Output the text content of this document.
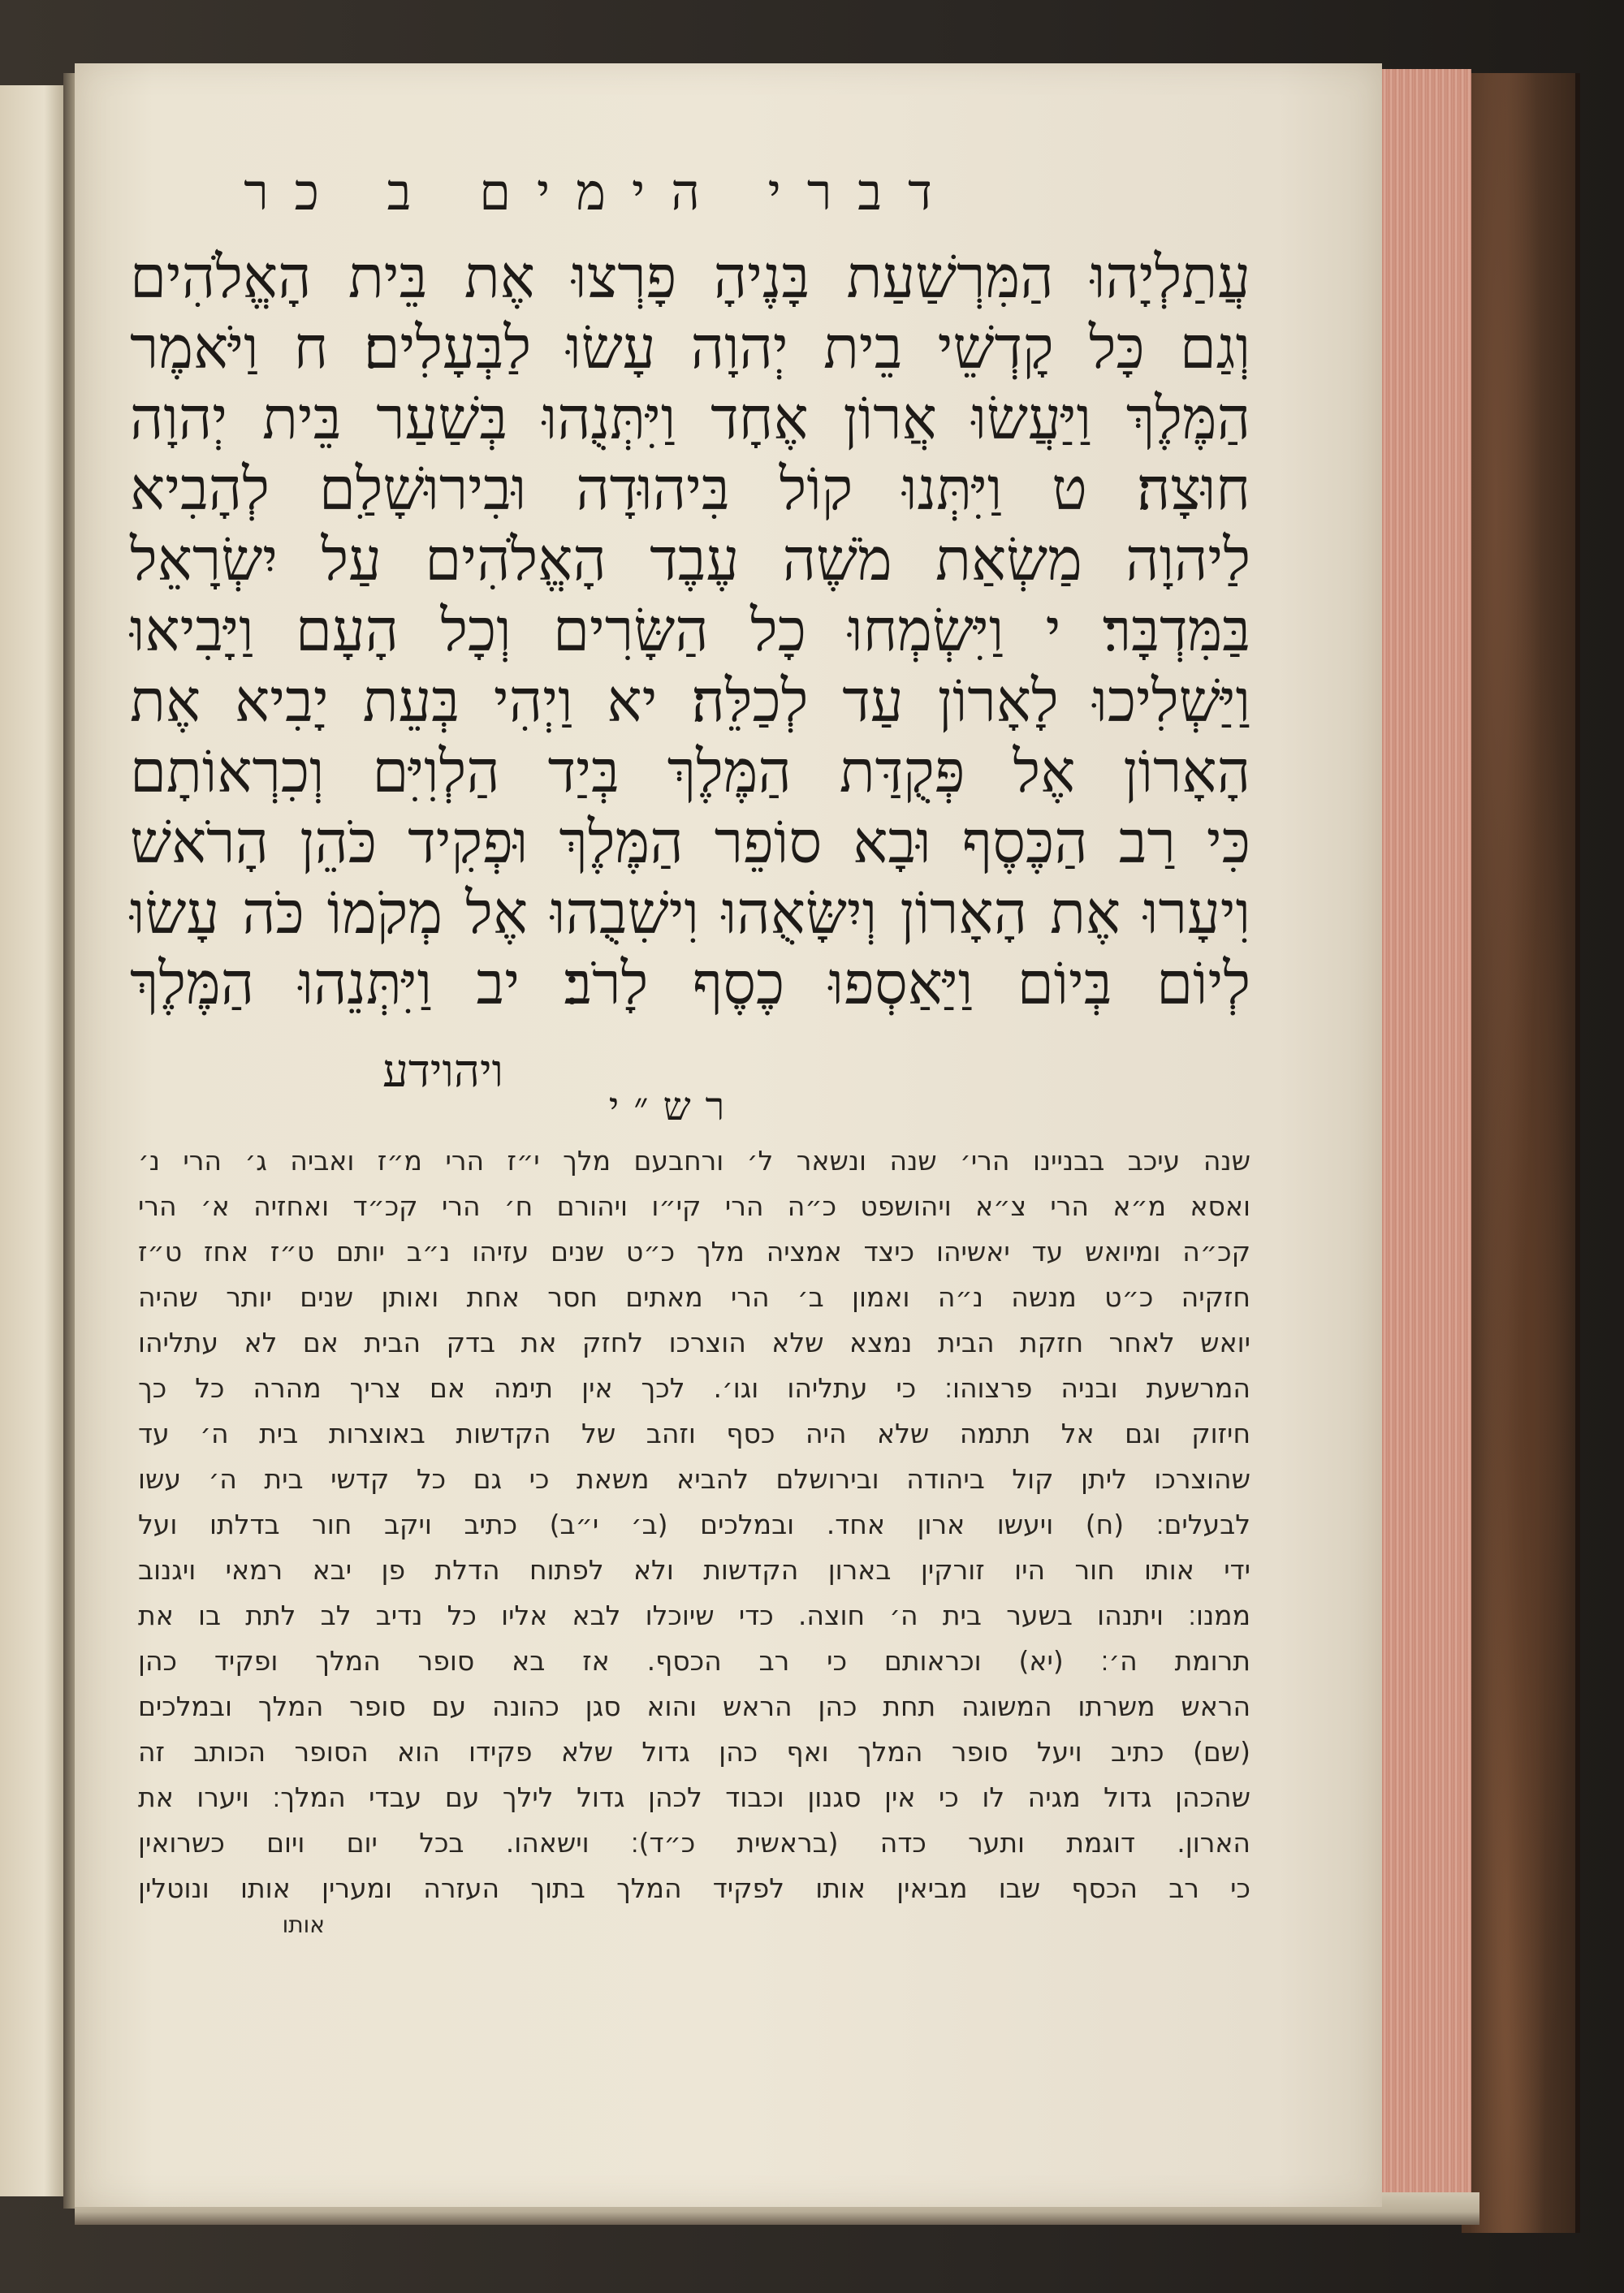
דברי הימים ב כר
עֲתַלְיָהוּ הַמִּרְשַׁעַת בָּנֶיהָ פָרְצוּ אֶת בֵּית הָאֱלֹהִים
וְגַם כָּל קָדְשֵׁי בֵית יְהוָה עָשׂוּ לַבְּעָלִים׃ ח וַיֹּאמֶר
הַמֶּלֶךְ וַיַּעֲשׂוּ אֲרוֹן אֶחָד וַיִּתְּנֻהוּ בְּשַׁעַר בֵּית יְהוָה
חוּצָה׃ ט וַיִּתְּנוּ קוֹל בִּיהוּדָה וּבִירוּשָׁלִַם לְהָבִיא
לַיהוָה מַשְׂאַת מֹשֶׁה עֶבֶד הָאֱלֹהִים עַל יִשְׂרָאֵל
בַּמִּדְבָּר׃ י וַיִּשְׂמְחוּ כָל הַשָּׂרִים וְכָל הָעָם וַיָּבִיאוּ
וַיַּשְׁלִיכוּ לָאָרוֹן עַד לְכַלֵּה׃ יא וַיְהִי בְּעֵת יָבִיא אֶת
הָאָרוֹן אֶל פְּקֻדַּת הַמֶּלֶךְ בְּיַד הַלְוִיִּם וְכִרְאוֹתָם
כִּי רַב הַכֶּסֶף וּבָא סוֹפֵר הַמֶּלֶךְ וּפְקִיד כֹּהֵן הָרֹאשׁ
וִיעָרוּ אֶת הָאָרוֹן וְיִשָּׂאֻהוּ וִישִׁבֻהוּ אֶל מְקֹמוֹ כֹּה עָשׂוּ
לְיוֹם בְּיוֹם וַיַּאַסְפוּ כֶסֶף לָרֹב׃ יב וַיִּתְּנֵהוּ הַמֶּלֶךְ
ויהוידע
רש״י
שנה עיכב בבניינו הרי׳ שנה ונשאר ל׳ ורחבעם מלך י״ז הרי מ״ז ואביה ג׳ הרי נ׳
ואסא מ״א הרי צ״א ויהושפט כ״ה הרי קי״ו ויהורם ח׳ הרי קכ״ד ואחזיה א׳ הרי
קכ״ה ומיואש עד יאשיהו כיצד אמציה מלך כ״ט שנים עזיהו נ״ב יותם ט״ז אחז ט״ז
חזקיה כ״ט מנשה נ״ה ואמון ב׳ הרי מאתים חסר אחת ואותן שנים יותר שהיה
יואש לאחר חזקת הבית נמצא שלא הוצרכו לחזק את בדק הבית אם לא עתליהו
המרשעת ובניה פרצוהו׃ כי עתליהו וגו׳. לכך אין תימה אם צריך מהרה כל כך
חיזוק וגם אל תתמה שלא היה כסף וזהב של הקדשות באוצרות בית ה׳ עד
שהוצרכו ליתן קול ביהודה ובירושלם להביא משאת כי גם כל קדשי בית ה׳ עשו
לבעלים׃ (ח) ויעשו ארון אחד. ובמלכים (ב׳ י״ב) כתיב ויקב חור בדלתו ועל
ידי אותו חור היו זורקין בארון הקדשות ולא לפתוח הדלת פן יבא רמאי ויגנוב
ממנו׃ ויתנהו בשער בית ה׳ חוצה. כדי שיוכלו לבא אליו כל נדיב לב לתת בו את
תרומת ה׳׃ (יא) וכראותם כי רב הכסף. אז בא סופר המלך ופקיד כהן
הראש משרתו המשוגה תחת כהן הראש והוא סגן כהונה עם סופר המלך ובמלכים
(שם) כתיב ויעל סופר המלך ואף כהן גדול שלא פקידו הוא הסופר הכותב זה
שהכהן גדול מגיה לו כי אין סגנון וכבוד לכהן גדול לילך עם עבדי המלך׃ ויערו את
הארון. דוגמת ותער כדה (בראשית כ״ד)׃ וישאהו. בכל יום ויום כשרואין
כי רב הכסף שבו מביאין אותו לפקיד המלך בתוך העזרה ומערין אותו ונוטלין
אותו
